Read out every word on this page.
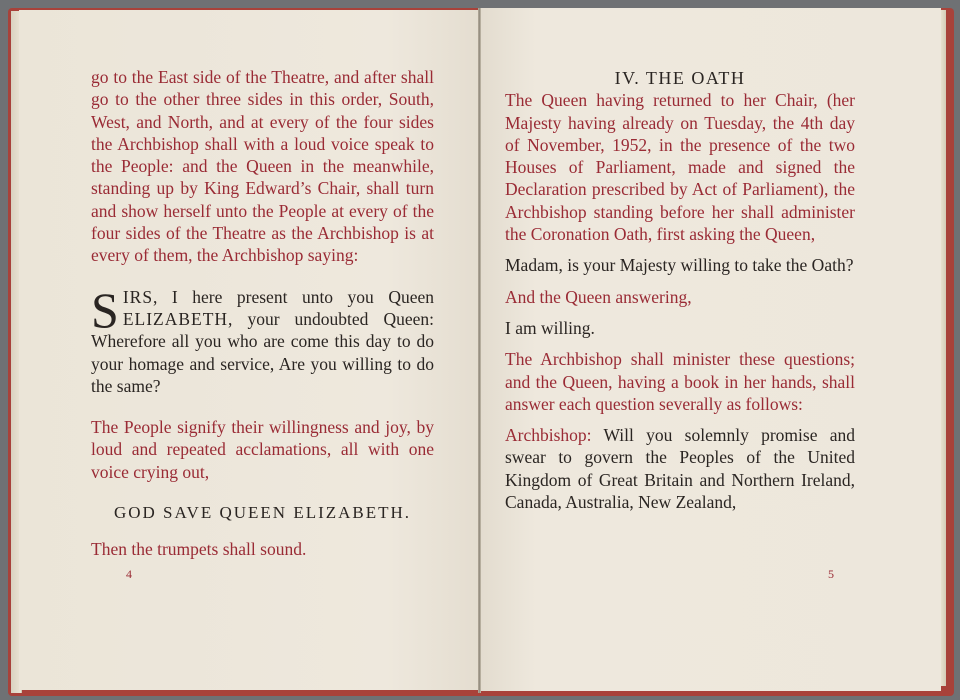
go to the East side of the Theatre, and after shall go to the other three sides in this order, South, West, and North, and at every of the four sides the Archbishop shall with a loud voice speak to the People: and the Queen in the meanwhile, standing up by King Edward’s Chair, shall turn and show herself unto the People at every of the four sides of the Theatre as the Archbishop is at every of them, the Archbishop saying:

SIRS, I here present unto you Queen ELIZABETH, your undoubted Queen: Wherefore all you who are come this day to do your homage and service, Are you willing to do the same?

The People signify their willingness and joy, by loud and repeated acclamations, all with one voice crying out,

GOD SAVE QUEEN ELIZABETH.

Then the trumpets shall sound.

4

IV. THE OATH

The Queen having returned to her Chair, (her Majesty having already on Tuesday, the 4th day of November, 1952, in the presence of the two Houses of Parliament, made and signed the Declaration prescribed by Act of Parliament), the Archbishop standing before her shall administer the Coronation Oath, first asking the Queen,

Madam, is your Majesty willing to take the Oath?

And the Queen answering,

I am willing.

The Archbishop shall minister these questions; and the Queen, having a book in her hands, shall answer each question severally as follows:

Archbishop: Will you solemnly promise and swear to govern the Peoples of the United Kingdom of Great Britain and Northern Ireland, Canada, Australia, New Zealand,

5
